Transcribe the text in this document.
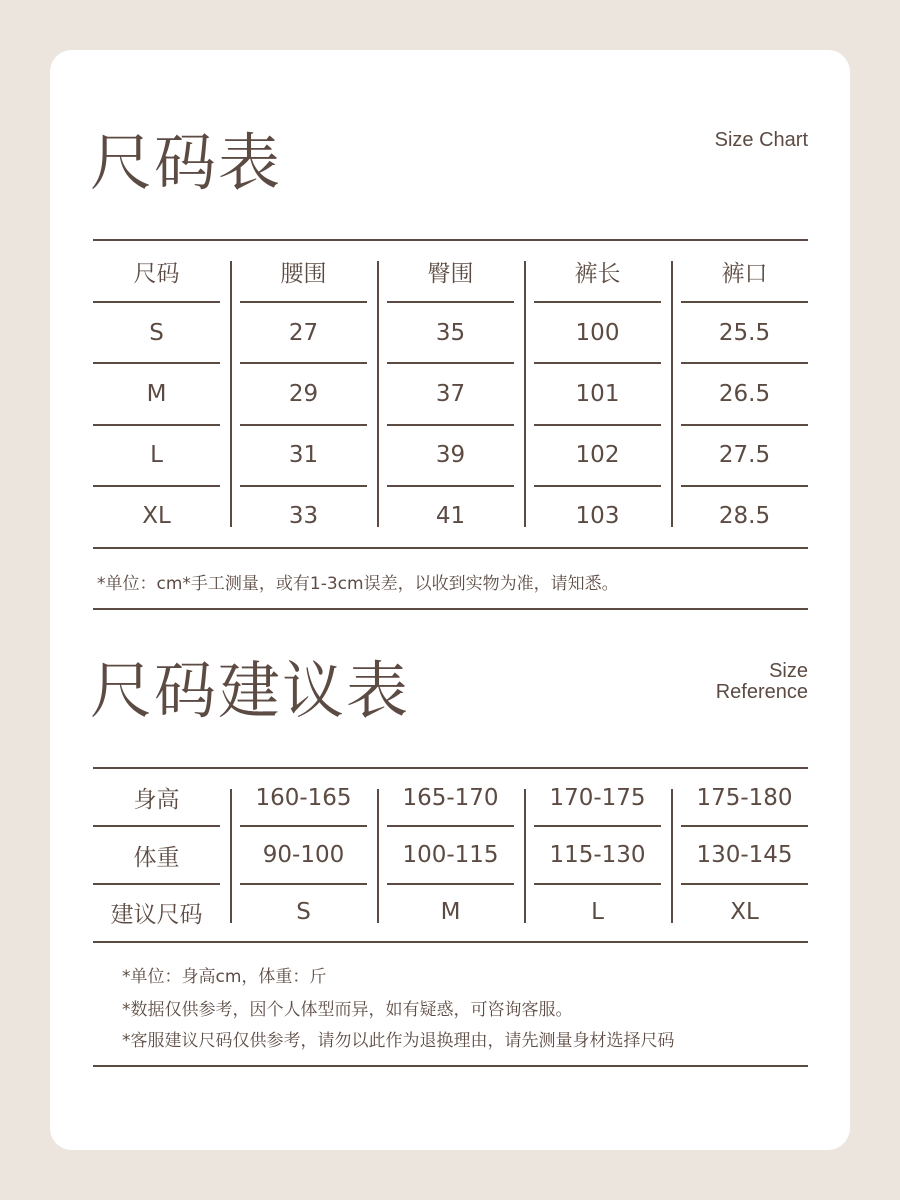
尺码表	Size Chart
尺码
S
M
L
XL
腰围
27
29
31
33
臀围
35
37
39
41
裤长
100
101
102
103
裤口
25.5
26.5
27.5
28.5
*单位：cm*手工测量，或有1-3cm误差，以收到实物为准，请知悉。
尺码建议表	Size
Reference
身高
体重
建议尺码
160-165
90-100
S
165-170
100-115
M
170-175
115-130
L
175-180
130-145
XL
*单位：身高cm，体重：斤
*数据仅供参考，因个人体型而异，如有疑惑，可咨询客服。
*客服建议尺码仅供参考，请勿以此作为退换理由，请先测量身材选择尺码
